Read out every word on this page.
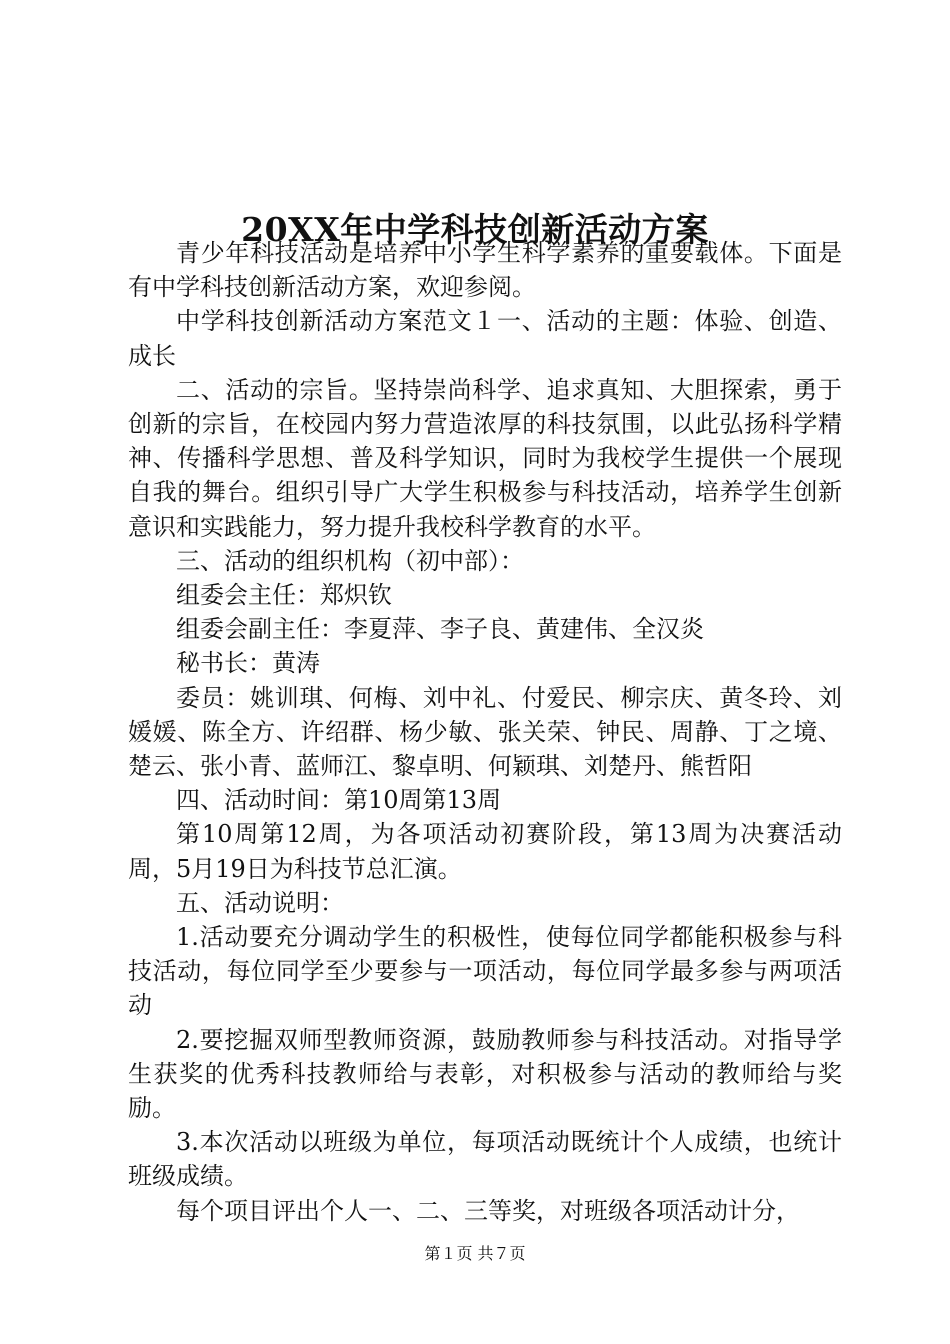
20XX年中学科技创新活动方案

青少年科技活动是培养中小学生科学素养的重要载体。下面是有中学科技创新活动方案，欢迎参阅。

中学科技创新活动方案范文１一、活动的主题：体验、创造、成长

二、活动的宗旨。坚持崇尚科学、追求真知、大胆探索，勇于创新的宗旨，在校园内努力营造浓厚的科技氛围，以此弘扬科学精神、传播科学思想、普及科学知识，同时为我校学生提供一个展现自我的舞台。组织引导广大学生积极参与科技活动，培养学生创新意识和实践能力，努力提升我校科学教育的水平。

三、活动的组织机构（初中部）：

组委会主任：郑炽钦

组委会副主任：李夏萍、李子良、黄建伟、全汉炎

秘书长：黄涛

委员：姚训琪、何梅、刘中礼、付爱民、柳宗庆、黄冬玲、刘媛媛、陈全方、许绍群、杨少敏、张关荣、钟民、周静、丁之境、楚云、张小青、蓝师江、黎卓明、何颖琪、刘楚丹、熊哲阳

四、活动时间：第10周第13周

第10周第12周，为各项活动初赛阶段，第13周为决赛活动周，5月19日为科技节总汇演。

五、活动说明：

1.活动要充分调动学生的积极性，使每位同学都能积极参与科技活动，每位同学至少要参与一项活动，每位同学最多参与两项活动

2.要挖掘双师型教师资源，鼓励教师参与科技活动。对指导学生获奖的优秀科技教师给与表彰，对积极参与活动的教师给与奖励。

3.本次活动以班级为单位，每项活动既统计个人成绩，也统计班级成绩。

每个项目评出个人一、二、三等奖，对班级各项活动计分，

第１页 共７页
